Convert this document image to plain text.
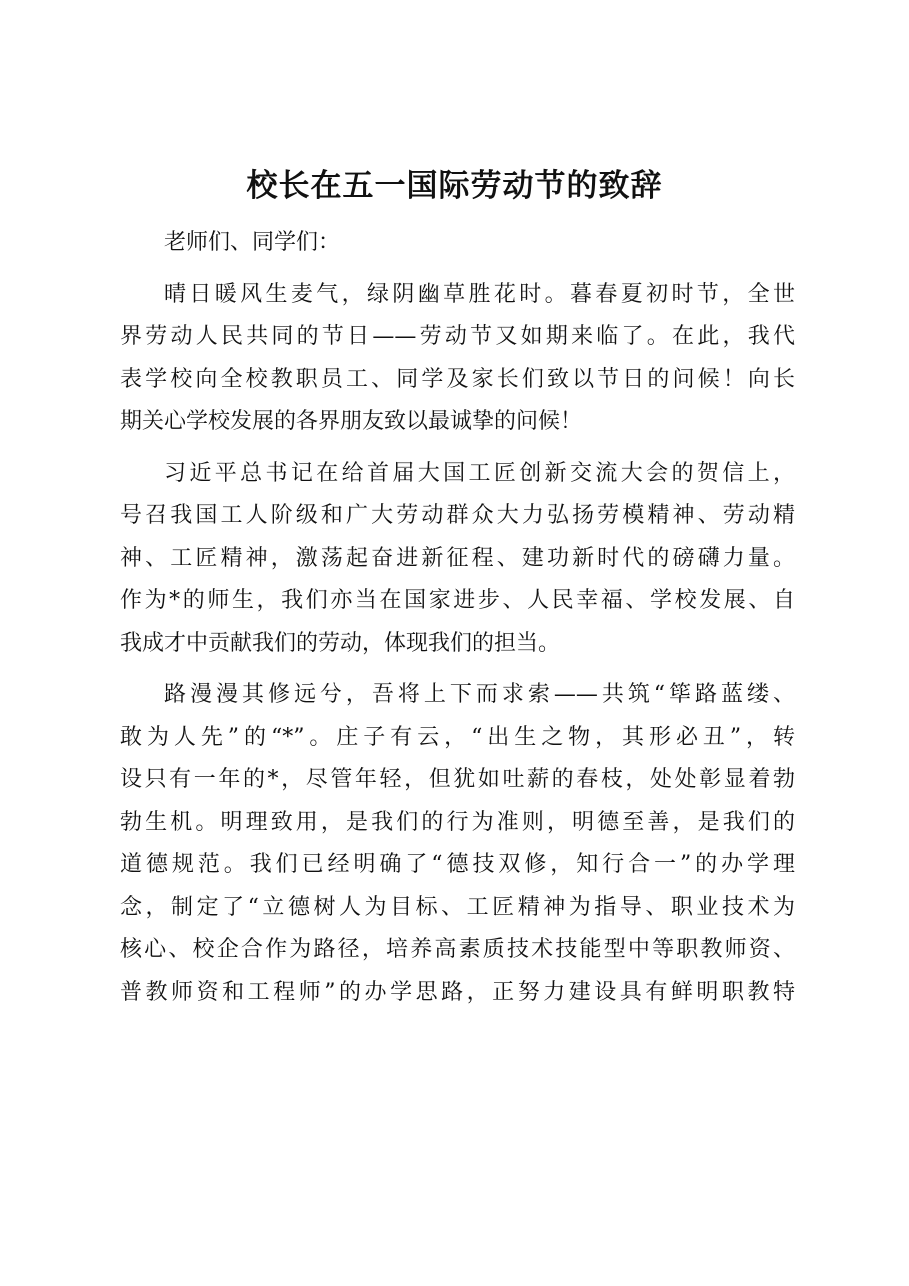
校长在五一国际劳动节的致辞
老师们、同学们：
晴日暖风生麦气，绿阴幽草胜花时。暮春夏初时节，全世
界劳动人民共同的节日——劳动节又如期来临了。在此，我代
表学校向全校教职员工、同学及家长们致以节日的问候！向长
期关心学校发展的各界朋友致以最诚挚的问候！
习近平总书记在给首届大国工匠创新交流大会的贺信上，
号召我国工人阶级和广大劳动群众大力弘扬劳模精神、劳动精
神、工匠精神，激荡起奋进新征程、建功新时代的磅礴力量。
作为*的师生，我们亦当在国家进步、人民幸福、学校发展、自
我成才中贡献我们的劳动，体现我们的担当。
路漫漫其修远兮，吾将上下而求索——共筑“筚路蓝缕、
敢为人先”的“*”。庄子有云，“出生之物，其形必丑”，转
设只有一年的*，尽管年轻，但犹如吐薪的春枝，处处彰显着勃
勃生机。明理致用，是我们的行为准则，明德至善，是我们的
道德规范。我们已经明确了“德技双修，知行合一”的办学理
念，制定了“立德树人为目标、工匠精神为指导、职业技术为
核心、校企合作为路径，培养高素质技术技能型中等职教师资、
普教师资和工程师”的办学思路，正努力建设具有鲜明职教特
